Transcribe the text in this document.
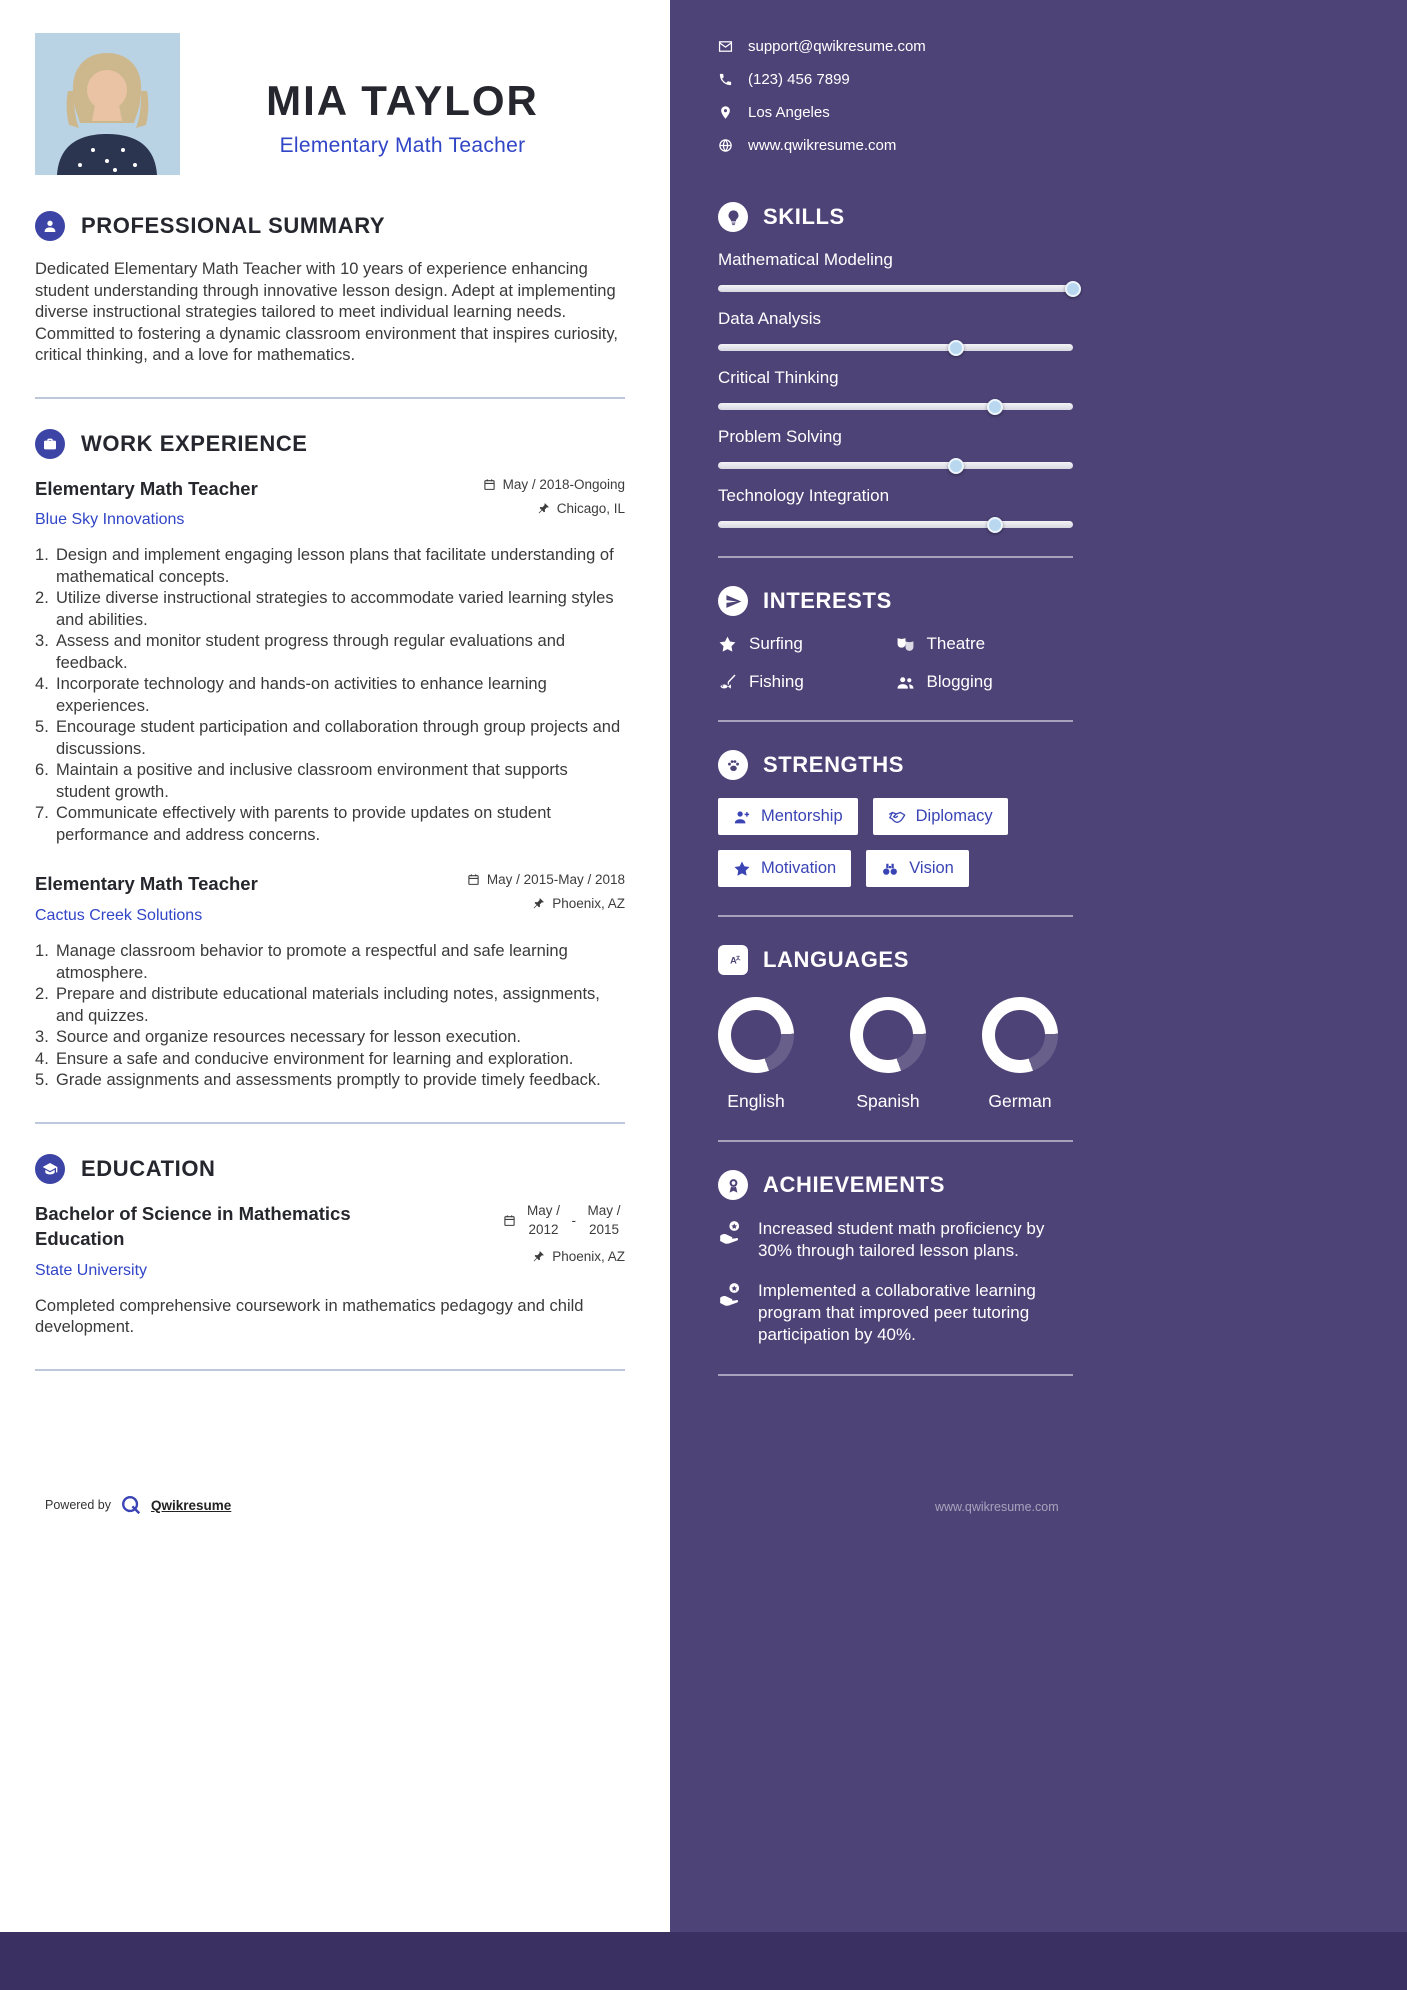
MIA TAYLOR
Elementary Math Teacher
PROFESSIONAL SUMMARY

Dedicated Elementary Math Teacher with 10 years of experience enhancing student understanding through innovative lesson design. Adept at implementing diverse instructional strategies tailored to meet individual learning needs. Committed to fostering a dynamic classroom environment that inspires curiosity, critical thinking, and a love for mathematics.

WORK EXPERIENCE
Elementary Math Teacher
Blue Sky Innovations
May / 2018-Ongoing
Chicago, IL
Design and implement engaging lesson plans that facilitate understanding of mathematical concepts.
Utilize diverse instructional strategies to accommodate varied learning styles and abilities.
Assess and monitor student progress through regular evaluations and feedback.
Incorporate technology and hands-on activities to enhance learning experiences.
Encourage student participation and collaboration through group projects and discussions.
Maintain a positive and inclusive classroom environment that supports student growth.
Communicate effectively with parents to provide updates on student performance and address concerns.
Elementary Math Teacher
Cactus Creek Solutions
May / 2015-May / 2018
Phoenix, AZ
Manage classroom behavior to promote a respectful and safe learning atmosphere.
Prepare and distribute educational materials including notes, assignments, and quizzes.
Source and organize resources necessary for lesson execution.
Ensure a safe and conducive environment for learning and exploration.
Grade assignments and assessments promptly to provide timely feedback.
EDUCATION
Bachelor of Science in Mathematics Education
State University
May / 2012
-
May / 2015
Phoenix, AZ

Completed comprehensive coursework in mathematics pedagogy and child development.

Powered by	Qwikresume
support@qwikresume.com
(123) 456 7899
Los Angeles
www.qwikresume.com
SKILLS
Mathematical Modeling
Data Analysis
Critical Thinking
Problem Solving
Technology Integration
INTERESTS
Surfing	Theatre
Fishing	Blogging
STRENGTHS
Mentorship	Diplomacy
Motivation	Vision
A LANGUAGES
English	Spanish	German
ACHIEVEMENTS
Increased student math proficiency by 30% through tailored lesson plans.
Implemented a collaborative learning program that improved peer tutoring participation by 40%.
www.qwikresume.com
